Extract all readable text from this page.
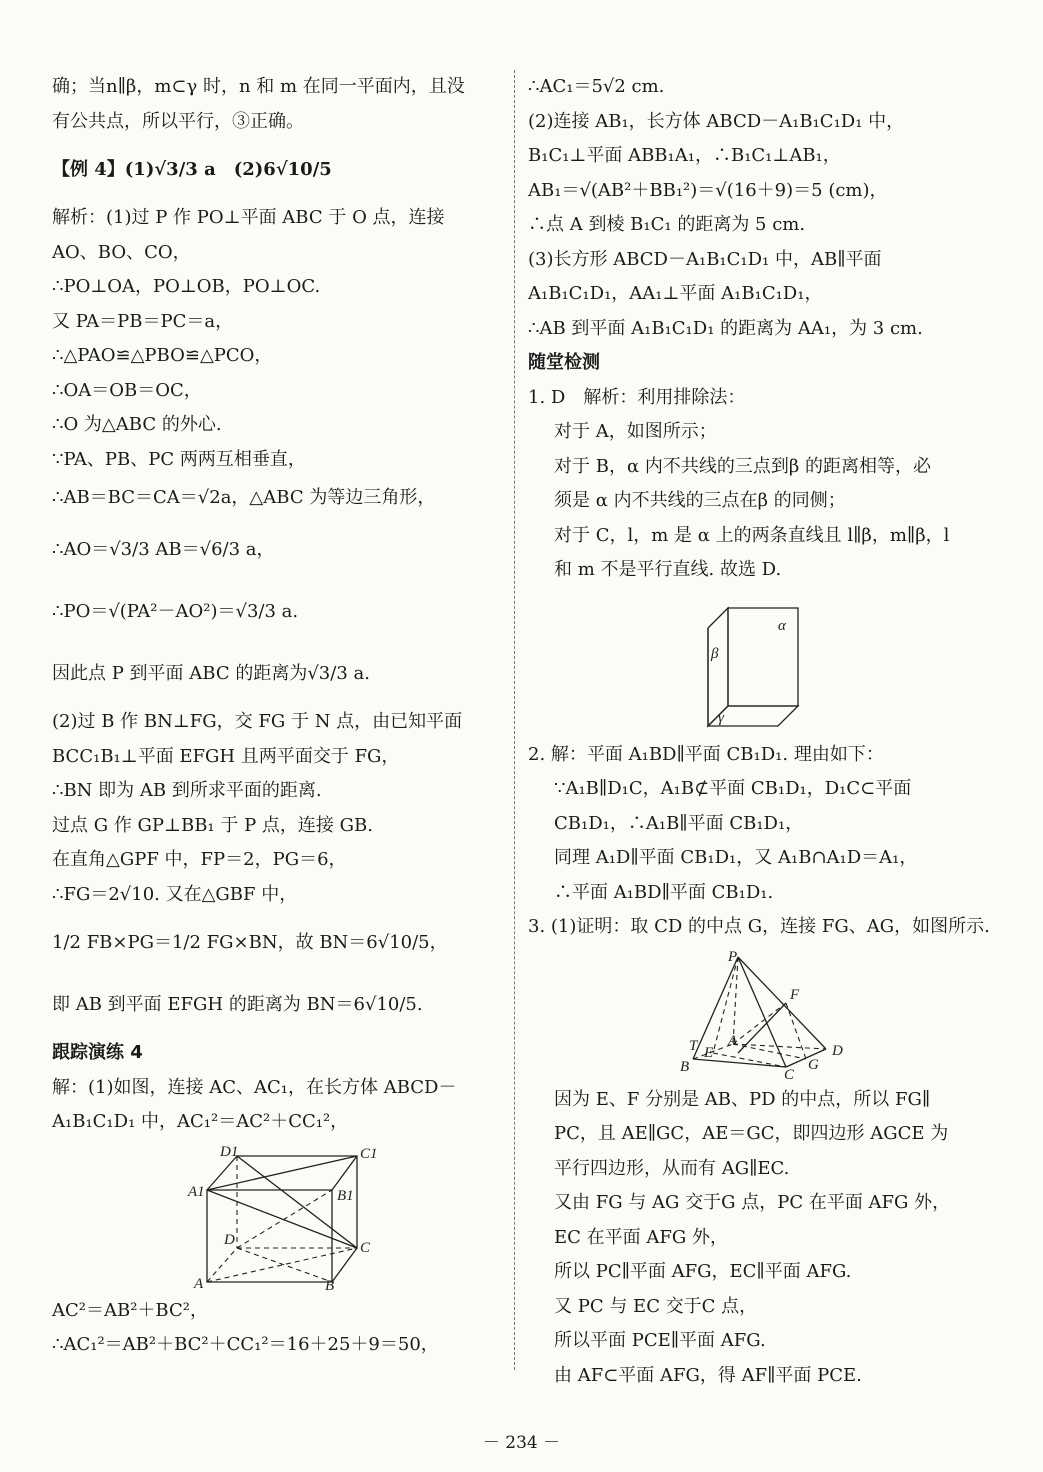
确；当n∥β，m⊂γ 时，n 和 m 在同一平面内，且没
有公共点，所以平行，③正确。
【例 4】(1)√3/3 a　(2)6√10/5
解析：(1)过 P 作 PO⊥平面 ABC 于 O 点，连接
AO、BO、CO，
∴PO⊥OA，PO⊥OB，PO⊥OC.
又 PA＝PB＝PC＝a，
∴△PAO≌△PBO≌△PCO，
∴OA＝OB＝OC，
∴O 为△ABC 的外心.
∵PA、PB、PC 两两互相垂直，
∴AB＝BC＝CA＝√2a，△ABC 为等边三角形，
∴AO＝√3/3 AB＝√6/3 a，
∴PO＝√(PA²－AO²)＝√3/3 a.
因此点 P 到平面 ABC 的距离为√3/3 a.
(2)过 B 作 BN⊥FG，交 FG 于 N 点，由已知平面
BCC₁B₁⊥平面 EFGH 且两平面交于 FG，
∴BN 即为 AB 到所求平面的距离.
过点 G 作 GP⊥BB₁ 于 P 点，连接 GB.
在直角△GPF 中，FP＝2，PG＝6，
∴FG＝2√10. 又在△GBF 中，
1/2 FB×PG＝1/2 FG×BN，故 BN＝6√10/5，
即 AB 到平面 EFGH 的距离为 BN＝6√10/5.
跟踪演练 4
解：(1)如图，连接 AC、AC₁，在长方体 ABCD－
A₁B₁C₁D₁ 中，AC₁²＝AC²＋CC₁²，
D1	C1
A1	B1
D	C
A	B
AC²＝AB²＋BC²，
∴AC₁²＝AB²＋BC²＋CC₁²＝16＋25＋9＝50，
∴AC₁＝5√2 cm.
(2)连接 AB₁，长方体 ABCD－A₁B₁C₁D₁ 中，
B₁C₁⊥平面 ABB₁A₁，∴B₁C₁⊥AB₁，
AB₁＝√(AB²＋BB₁²)＝√(16＋9)＝5 (cm)，
∴点 A 到棱 B₁C₁ 的距离为 5 cm.
(3)长方形 ABCD－A₁B₁C₁D₁ 中，AB∥平面
A₁B₁C₁D₁，AA₁⊥平面 A₁B₁C₁D₁，
∴AB 到平面 A₁B₁C₁D₁ 的距离为 AA₁，为 3 cm.
随堂检测
1. D　解析：利用排除法：
对于 A，如图所示；
对于 B，α 内不共线的三点到β 的距离相等，必
须是 α 内不共线的三点在β 的同侧；
对于 C，l，m 是 α 上的两条直线且 l∥β，m∥β，l
和 m 不是平行直线. 故选 D.
α
β
γ
2. 解：平面 A₁BD∥平面 CB₁D₁. 理由如下：
∵A₁B∥D₁C，A₁B⊄平面 CB₁D₁，D₁C⊂平面
CB₁D₁，∴A₁B∥平面 CB₁D₁，
同理 A₁D∥平面 CB₁D₁，又 A₁B∩A₁D＝A₁，
∴平面 A₁BD∥平面 CB₁D₁.
3. (1)证明：取 CD 的中点 G，连接 FG、AG，如图所示.
P
F
T A
E	D
B	C
G
因为 E、F 分别是 AB、PD 的中点，所以 FG∥
PC，且 AE∥GC，AE＝GC，即四边形 AGCE 为
平行四边形，从而有 AG∥EC.
又由 FG 与 AG 交于G 点，PC 在平面 AFG 外，
EC 在平面 AFG 外，
所以 PC∥平面 AFG，EC∥平面 AFG.
又 PC 与 EC 交于C 点，
所以平面 PCE∥平面 AFG.
由 AF⊂平面 AFG，得 AF∥平面 PCE.
－ 234 －
